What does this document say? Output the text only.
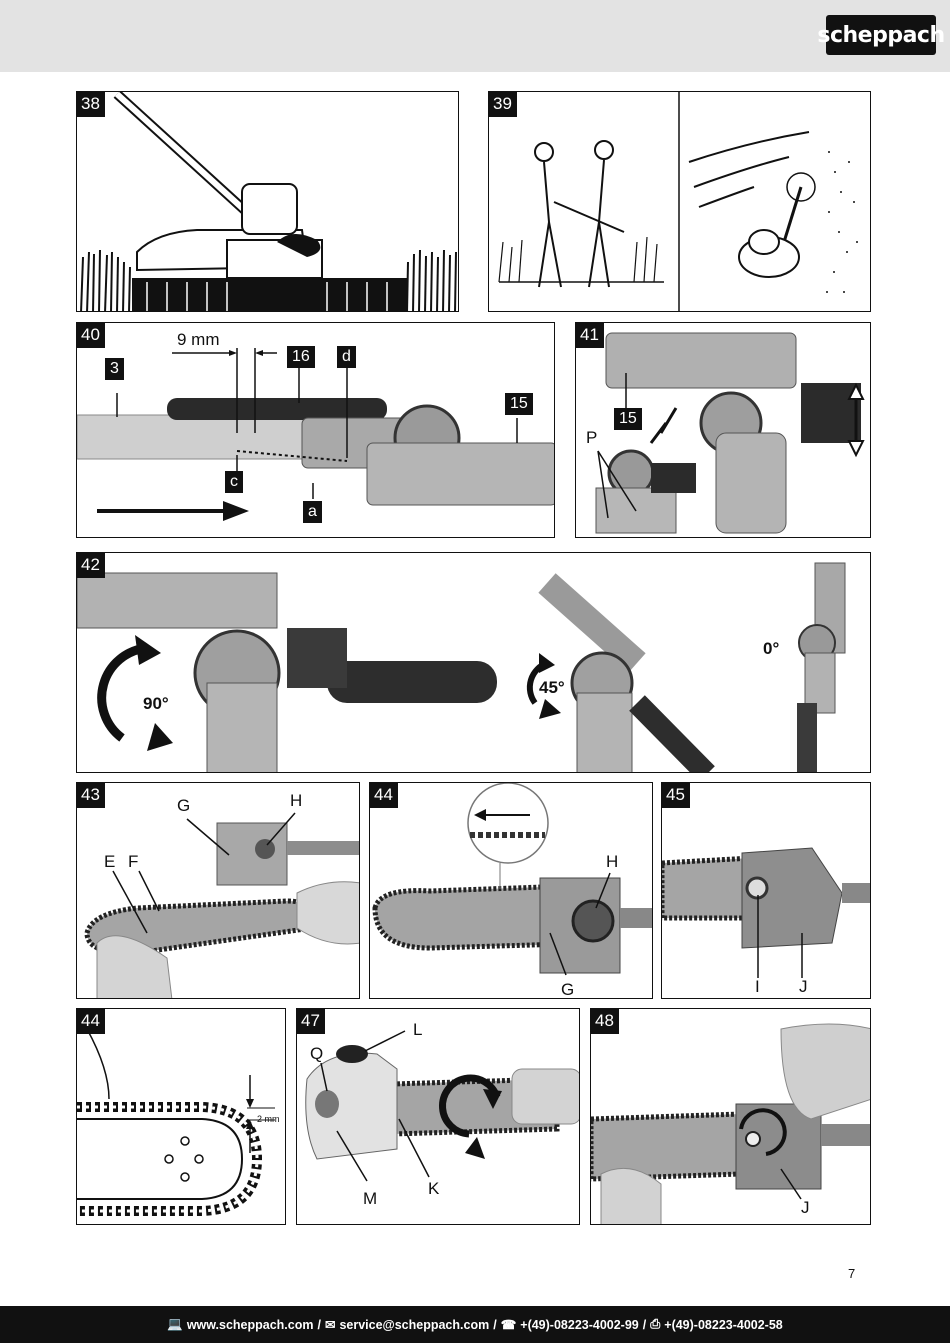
scheppach
38	39
40	9 mm
3
16	d
15
c
a
41
15
P
42
90°
45°
0°
43
G	H
E F
44
H
G
45
I J
44
2 mm
47	L
Q
M
K
48
J
7
💻 www.scheppach.com / ✉ service@scheppach.com / ☎ +(49)-08223-4002-99 / ⎙ +(49)-08223-4002-58
